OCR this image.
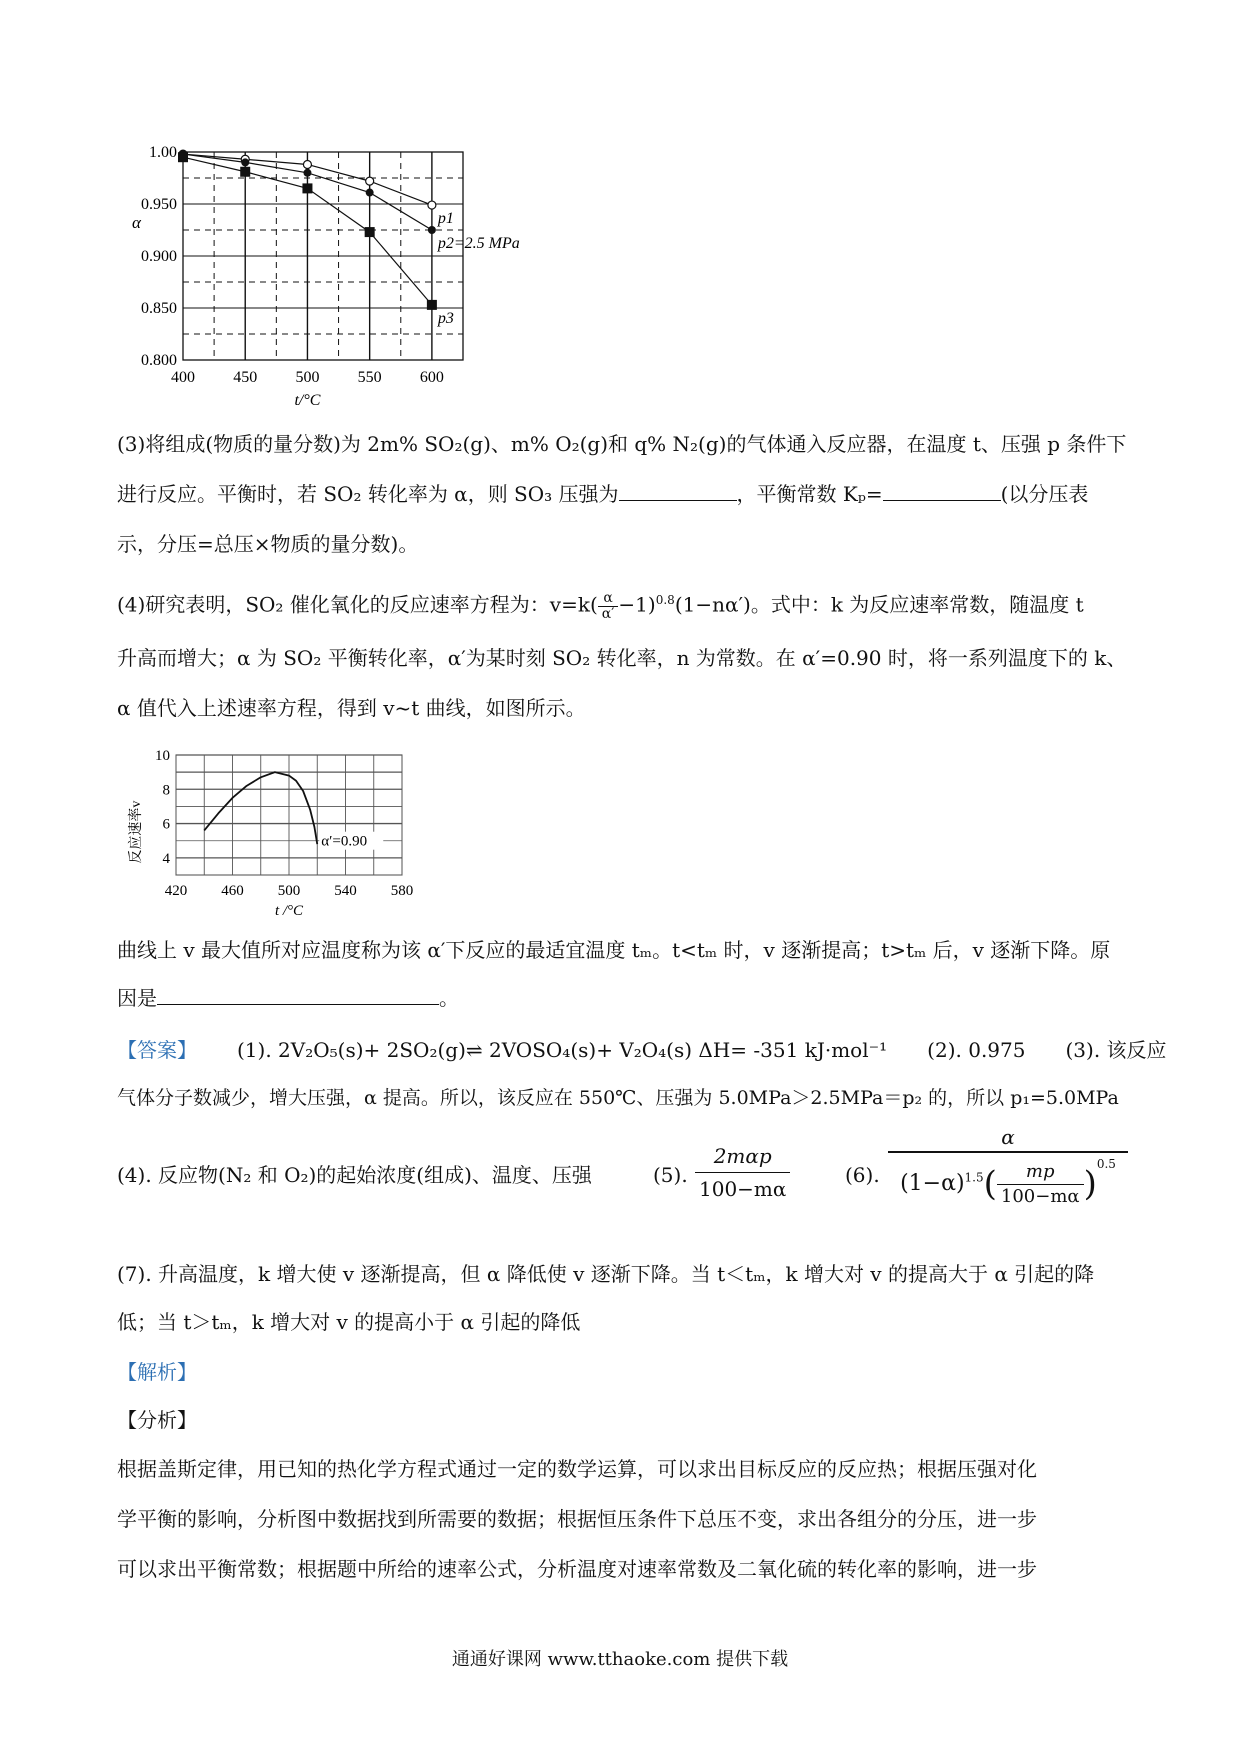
400 450 500 550 600
1.00
0.950
0.900
0.850
0.800
t/°C
α	p1
p2=2.5 MPa
p3
(3)将组成(物质的量分数)为 2m% SO₂(g)、m% O₂(g)和 q% N₂(g)的气体通入反应器，在温度 t、压强 p 条件下
进行反应。平衡时，若 SO₂ 转化率为 α，则 SO₃ 压强为	，平衡常数 Kₚ=	(以分压表
示，分压=总压×物质的量分数)。
(4)研究表明，SO₂ 催化氧化的反应速率方程为：$v=k( \frac{\alpha}{\alpha'} -1)^{0.8}(1-n\alpha')$。式中：k 为反应速率常数，随温度 t
升高而增大；α 为 SO₂ 平衡转化率，α′为某时刻 SO₂ 转化率，n 为常数。在 α′=0.90 时，将一系列温度下的 k、
α 值代入上述速率方程，得到 v~t 曲线，如图所示。
420 460 500 540 580
10
8
6
4
t /°C
反应速率v	α′=0.90
曲线上 v 最大值所对应温度称为该 α′下反应的最适宜温度 tₘ。t<tₘ 时，v 逐渐提高；t>tₘ 后，v 逐渐下降。原
因是	。
【答案】 (1). 2V₂O₅(s)+ 2SO₂(g)⇌ 2VOSO₄(s)+ V₂O₄(s) ΔH= -351 kJ·mol⁻¹ (2). 0.975 (3). 该反应
气体分子数减少，增大压强，α 提高。所以，该反应在 550℃、压强为 5.0MPa＞2.5MPa＝p₂ 的，所以 p₁=5.0MPa
(4). 反应物(N₂ 和 O₂)的起始浓度(组成)、温度、压强	(5).
2mαp
100−mα
(6). $\frac{\alpha}{(1-\alpha)^{1.5}( \frac{mp}{100-m\alpha} )^{0.5}}$
(7). 升高温度，k 增大使 v 逐渐提高，但 α 降低使 v 逐渐下降。当 t＜tₘ，k 增大对 v 的提高大于 α 引起的降
低；当 t＞tₘ，k 增大对 v 的提高小于 α 引起的降低
【解析】
【分析】
根据盖斯定律，用已知的热化学方程式通过一定的数学运算，可以求出目标反应的反应热；根据压强对化
学平衡的影响，分析图中数据找到所需要的数据；根据恒压条件下总压不变，求出各组分的分压，进一步
可以求出平衡常数；根据题中所给的速率公式，分析温度对速率常数及二氧化硫的转化率的影响，进一步
通通好课网 www.tthaoke.com 提供下载
